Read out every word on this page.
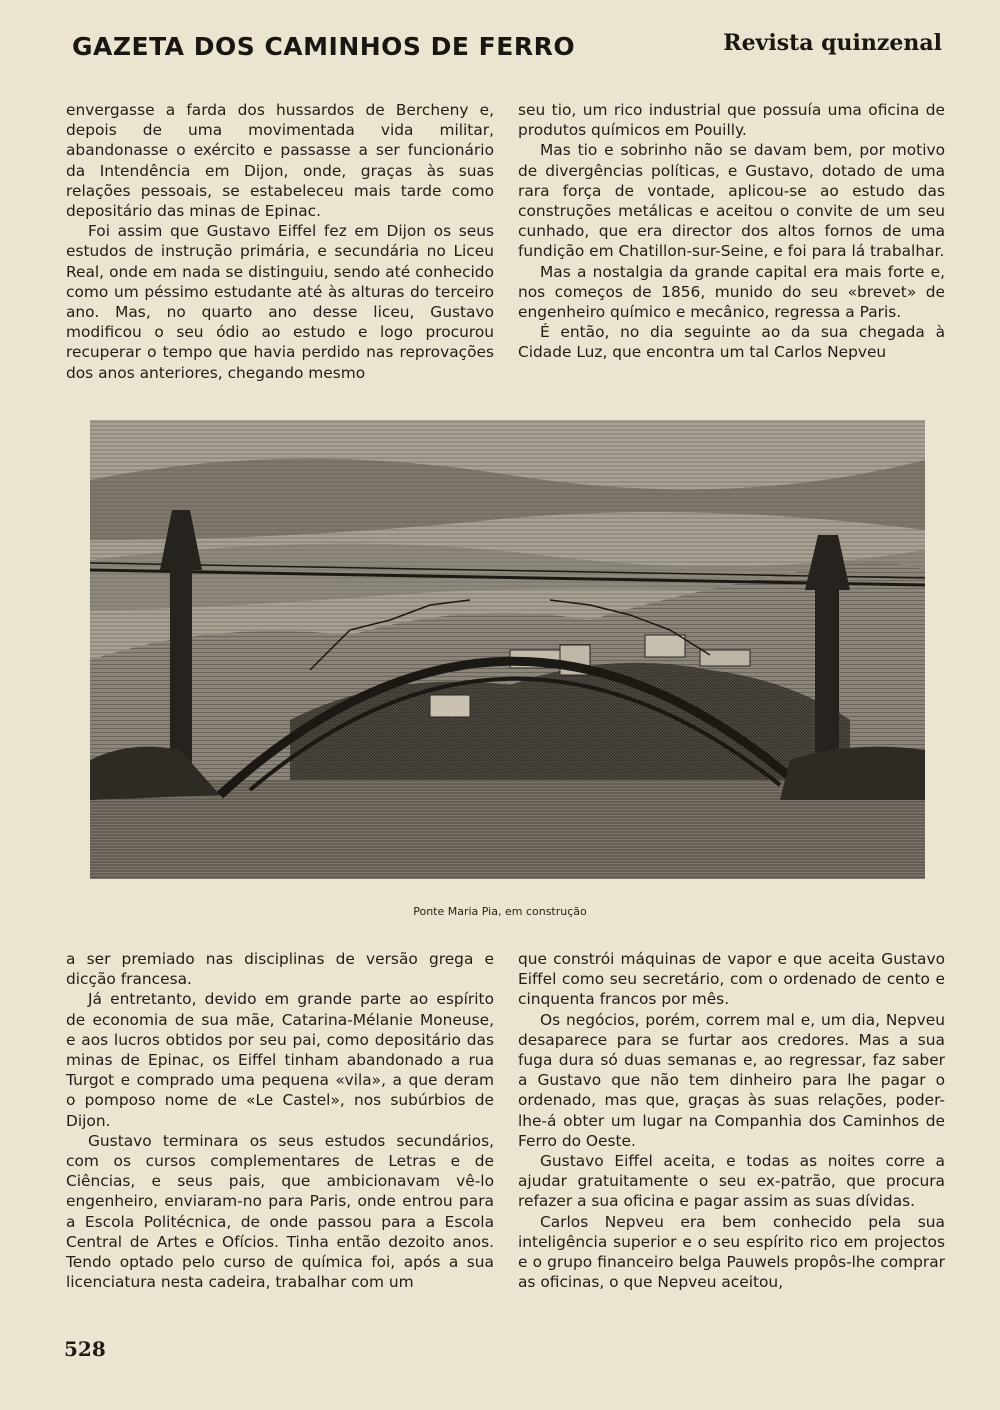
GAZETA DOS CAMINHOS DE FERRO	Revista quinzenal

envergasse a farda dos hussardos de Bercheny e, depois de uma movimentada vida militar, abandonasse o exército e passasse a ser funcionário da Intendência em Dijon, onde, graças às suas relações pessoais, se estabeleceu mais tarde como depositário das minas de Epinac.

Foi assim que Gustavo Eiffel fez em Dijon os seus estudos de instrução primária, e secundária no Liceu Real, onde em nada se distinguiu, sendo até conhecido como um péssimo estudante até às alturas do terceiro ano. Mas, no quarto ano desse liceu, Gustavo modificou o seu ódio ao estudo e logo procurou recuperar o tempo que havia perdido nas reprovações dos anos anteriores, chegando mesmo

seu tio, um rico industrial que possuía uma oficina de produtos químicos em Pouilly.

Mas tio e sobrinho não se davam bem, por motivo de divergências políticas, e Gustavo, dotado de uma rara força de vontade, aplicou-se ao estudo das construções metálicas e aceitou o convite de um seu cunhado, que era director dos altos fornos de uma fundição em Chatillon-sur-Seine, e foi para lá trabalhar.

Mas a nostalgia da grande capital era mais forte e, nos começos de 1856, munido do seu «brevet» de engenheiro químico e mecânico, regressa a Paris.

É então, no dia seguinte ao da sua chegada à Cidade Luz, que encontra um tal Carlos Nepveu

Ponte Maria Pia, em construção

a ser premiado nas disciplinas de versão grega e dicção francesa.

Já entretanto, devido em grande parte ao espírito de economia de sua mãe, Catarina-Mélanie Moneuse, e aos lucros obtidos por seu pai, como depositário das minas de Epinac, os Eiffel tinham abandonado a rua Turgot e comprado uma pequena «vila», a que deram o pomposo nome de «Le Castel», nos subúrbios de Dijon.

Gustavo terminara os seus estudos secundários, com os cursos complementares de Letras e de Ciências, e seus pais, que ambicionavam vê-lo engenheiro, enviaram-no para Paris, onde entrou para a Escola Politécnica, de onde passou para a Escola Central de Artes e Ofícios. Tinha então dezoito anos. Tendo optado pelo curso de química foi, após a sua licenciatura nesta cadeira, trabalhar com um

que constrói máquinas de vapor e que aceita Gustavo Eiffel como seu secretário, com o ordenado de cento e cinquenta francos por mês.

Os negócios, porém, correm mal e, um dia, Nepveu desaparece para se furtar aos credores. Mas a sua fuga dura só duas semanas e, ao regressar, faz saber a Gustavo que não tem dinheiro para lhe pagar o ordenado, mas que, graças às suas relações, poder-lhe-á obter um lugar na Companhia dos Caminhos de Ferro do Oeste.

Gustavo Eiffel aceita, e todas as noites corre a ajudar gratuitamente o seu ex-patrão, que procura refazer a sua oficina e pagar assim as suas dívidas.

Carlos Nepveu era bem conhecido pela sua inteligência superior e o seu espírito rico em projectos e o grupo financeiro belga Pauwels propôs-lhe comprar as oficinas, o que Nepveu aceitou,

528
